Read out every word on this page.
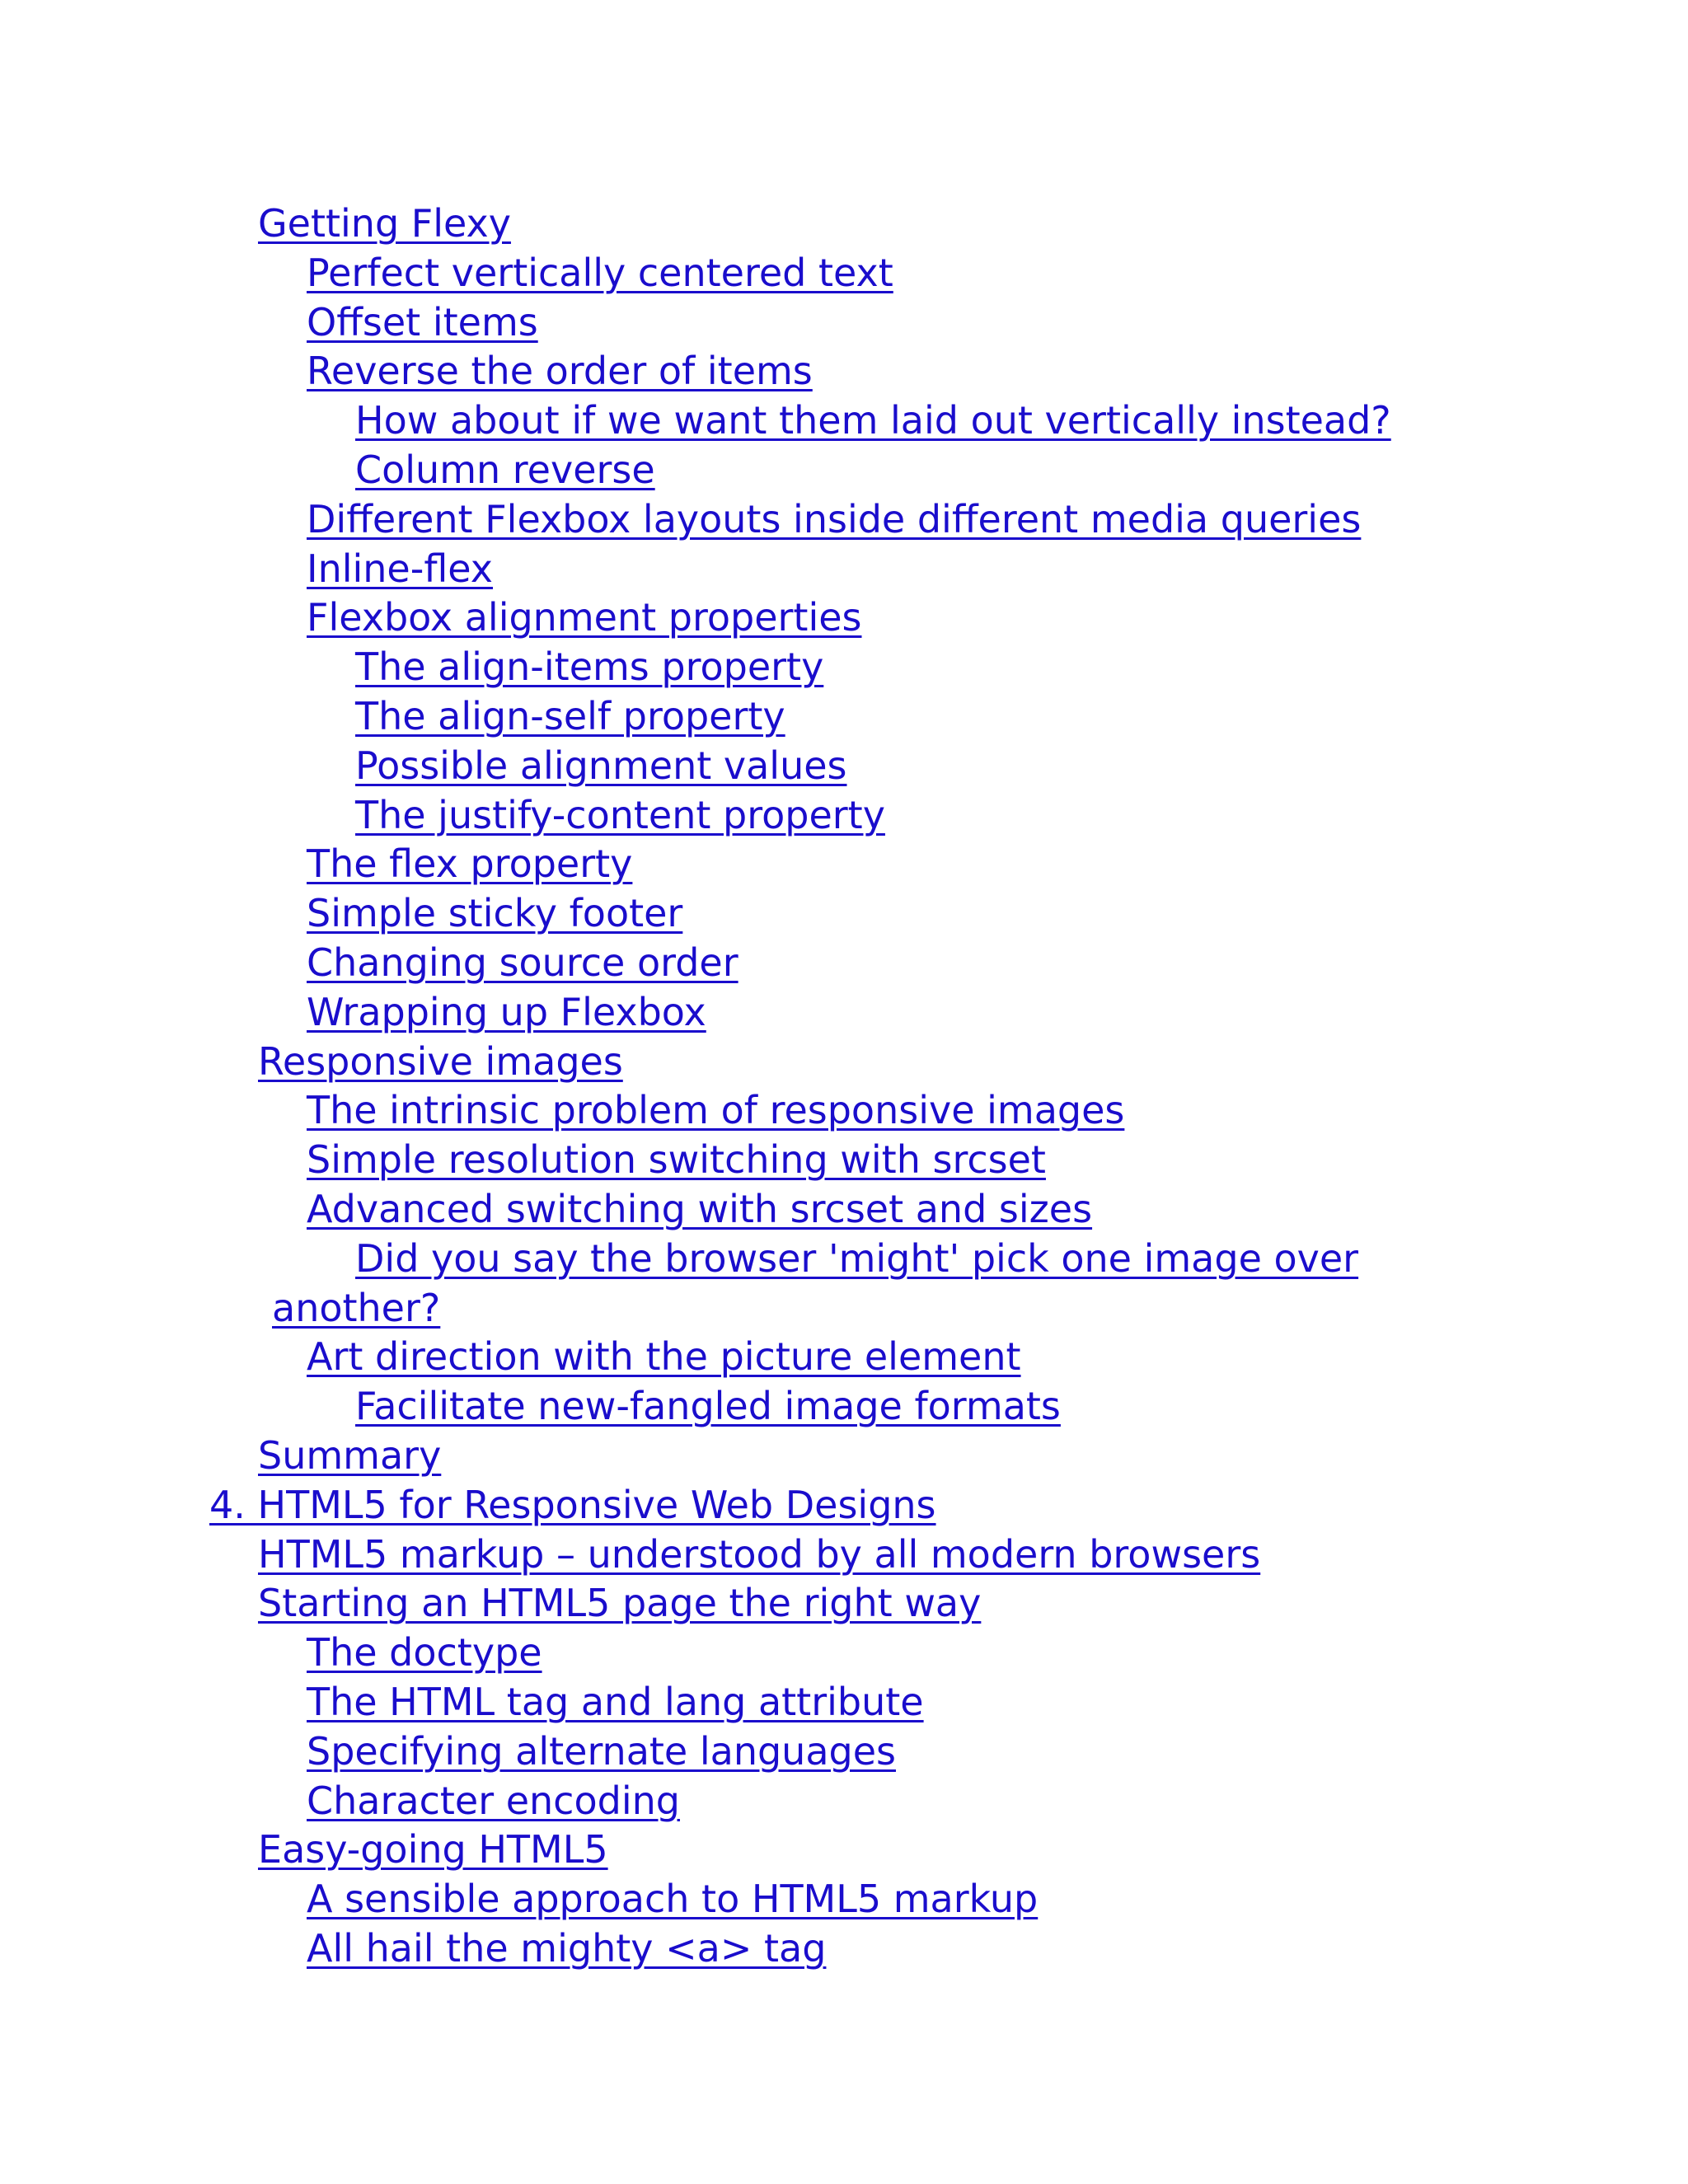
Getting Flexy
Perfect vertically centered text
Offset items
Reverse the order of items
How about if we want them laid out vertically instead?
Column reverse
Different Flexbox layouts inside different media queries
Inline-flex
Flexbox alignment properties
The align-items property
The align-self property
Possible alignment values
The justify-content property
The flex property
Simple sticky footer
Changing source order
Wrapping up Flexbox
Responsive images
The intrinsic problem of responsive images
Simple resolution switching with srcset
Advanced switching with srcset and sizes
Did you say the browser 'might' pick one image over
another?
Art direction with the picture element
Facilitate new-fangled image formats
Summary
4. HTML5 for Responsive Web Designs
HTML5 markup – understood by all modern browsers
Starting an HTML5 page the right way
The doctype
The HTML tag and lang attribute
Specifying alternate languages
Character encoding
Easy-going HTML5
A sensible approach to HTML5 markup
All hail the mighty <a> tag
